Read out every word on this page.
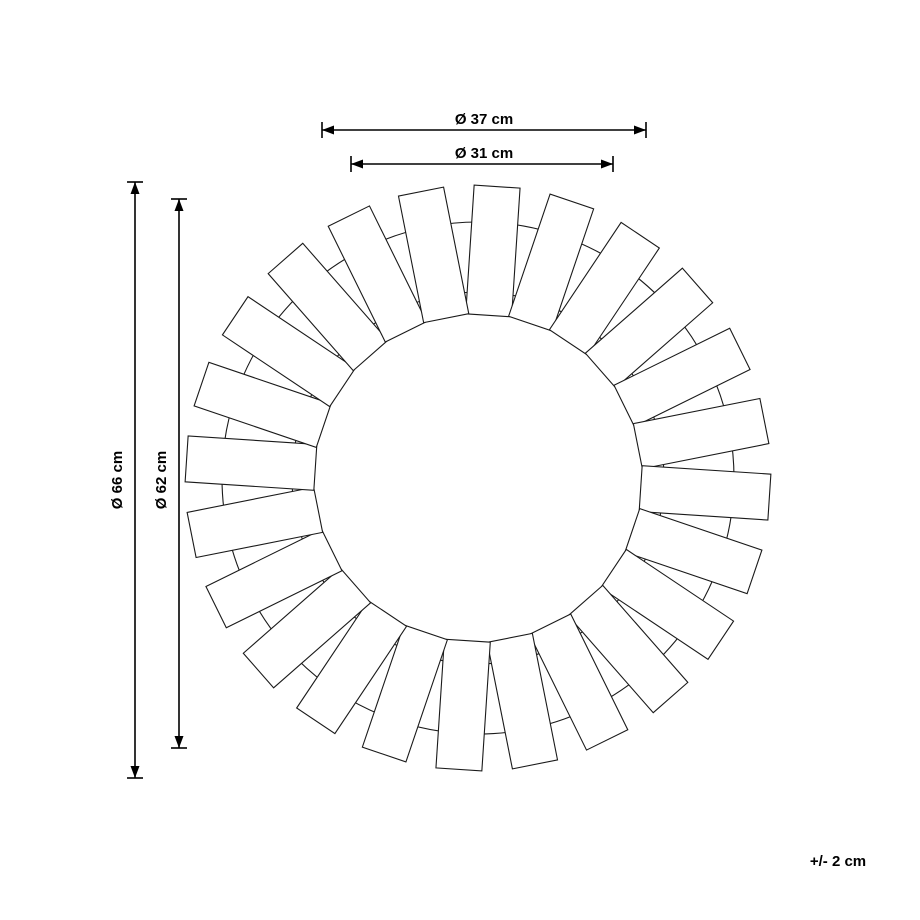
Ø 37 cm
Ø 31 cm
Ø 66 cm Ø 62 cm
+/- 2 cm
